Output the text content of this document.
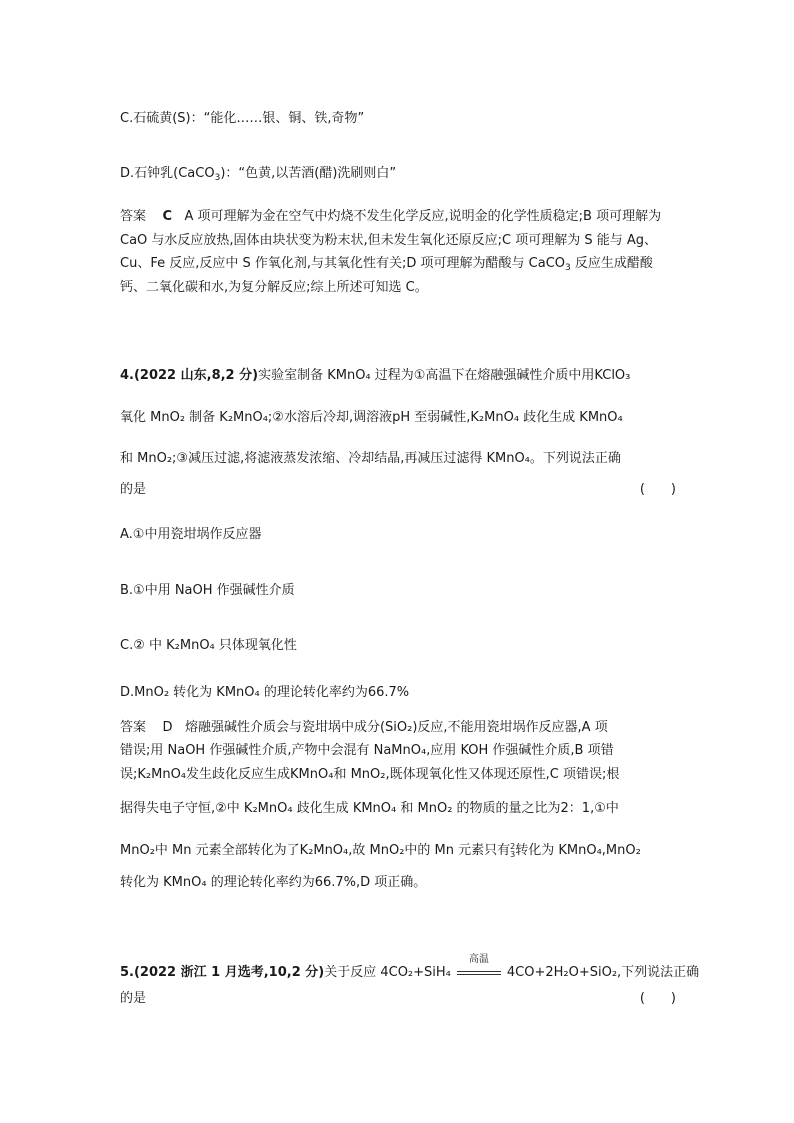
C.石硫黄(S)：“能化……银、铜、铁,奇物”
D.石钟乳(CaCO$_3$)：“色黄,以苦酒(醋)洗刷则白”
答案 C A 项可理解为金在空气中灼烧不发生化学反应,说明金的化学性质稳定;B 项可理解为 CaO 与水反应放热,固体由块状变为粉末状,但未发生氧化还原反应;C 项可理解为 S 能与 Ag、Cu、Fe 反应,反应中 S 作氧化剂,与其氧化性有关;D 项可理解为醋酸与 CaCO$_3$ 反应生成醋酸钙、二氧化碳和水,为复分解反应;综上所述可知选 C。
4.(2022 山东,8,2 分)实验室制备 KMnO₄ 过程为①高温下在熔融强碱性介质中用KClO₃
氧化 MnO₂ 制备 K₂MnO₄;②水溶后冷却,调溶液pH 至弱碱性,K₂MnO₄ 歧化生成 KMnO₄
和 MnO₂;③减压过滤,将滤液蒸发浓缩、冷却结晶,再减压过滤得 KMnO₄。下列说法正确
的是	(　　)
A.①中用瓷坩埚作反应器
B.①中用 NaOH 作强碱性介质
C.② 中 K₂MnO₄ 只体现氧化性
D.MnO₂ 转化为 KMnO₄ 的理论转化率约为66.7%
答案 D 熔融强碱性介质会与瓷坩埚中成分(SiO₂)反应,不能用瓷坩埚作反应器,A 项
错误;用 NaOH 作强碱性介质,产物中会混有 NaMnO₄,应用 KOH 作强碱性介质,B 项错
误;K₂MnO₄发生歧化反应生成KMnO₄和 MnO₂,既体现氧化性又体现还原性,C 项错误;根
据得失电子守恒,②中 K₂MnO₄ 歧化生成 KMnO₄ 和 MnO₂ 的物质的量之比为2：1,①中
MnO₂中 Mn 元素全部转化为了K₂MnO₄,故 MnO₂中的 Mn 元素只有 2
3 转化为 KMnO₄,MnO₂
转化为 KMnO₄ 的理论转化率约为66.7%,D 项正确。
5.(2022 浙江 1 月选考,10,2 分)关于反应 4CO₂+SiH₄
高温
4CO+2H₂O+SiO₂,下列说法正确
的是	(　　)
